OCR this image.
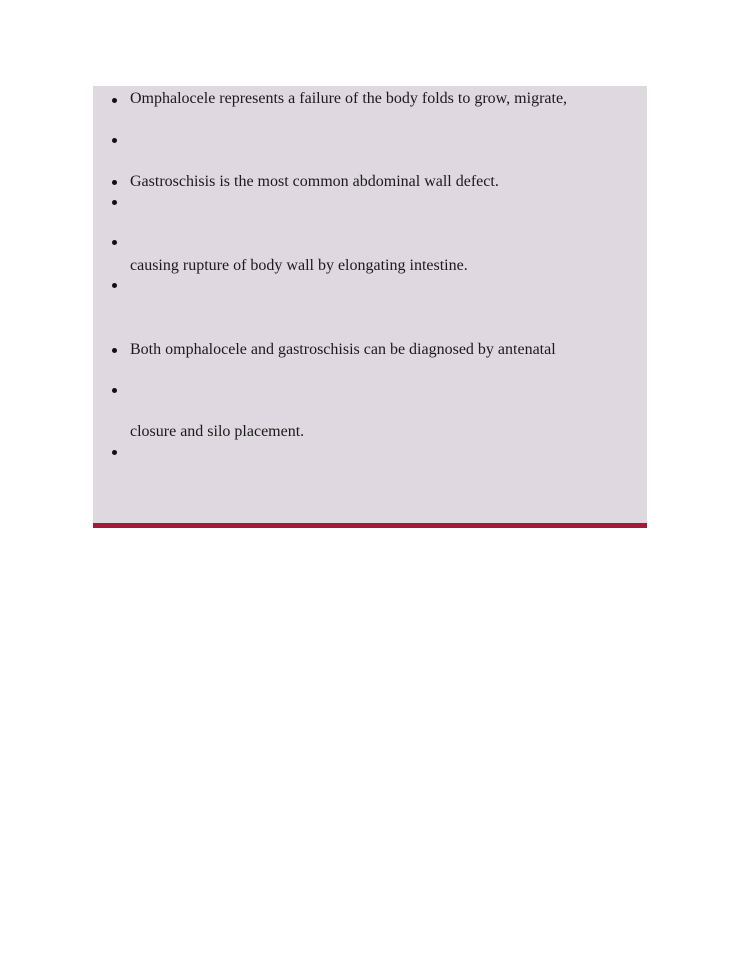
Omphalocele represents a failure of the body folds to grow, migrate,
Gastroschisis is the most common abdominal wall defect.
causing rupture of body wall by elongating intestine.
Both omphalocele and gastroschisis can be diagnosed by antenatal
closure and silo placement.
